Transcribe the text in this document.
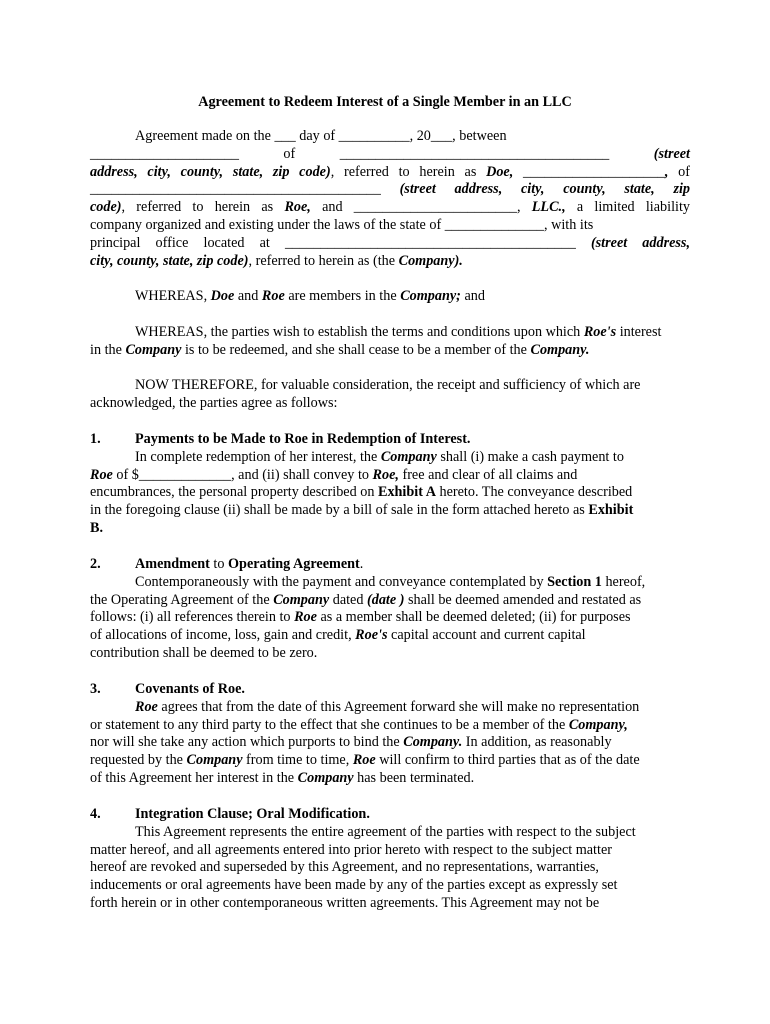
Agreement to Redeem Interest of a Single Member in an LLC
Agreement made on the ___ day of __________, 20___, between
_____________________ of ______________________________________ (street
address, city, county, state, zip code), referred to herein as Doe, ____________________, of
_________________________________________ (street address, city, county, state, zip
code), referred to herein as Roe, and _______________________, LLC., a limited liability
company organized and existing under the laws of the state of ______________, with its
principal office located at _________________________________________ (street address,
city, county, state, zip code), referred to herein as (the Company).
WHEREAS, Doe and Roe are members in the Company; and
WHEREAS, the parties wish to establish the terms and conditions upon which Roe's interest
in the Company is to be redeemed, and she shall cease to be a member of the Company.
NOW THEREFORE, for valuable consideration, the receipt and sufficiency of which are
acknowledged, the parties agree as follows:
1. Payments to be Made to Roe in Redemption of Interest.
In complete redemption of her interest, the Company shall (i) make a cash payment to
Roe of $_____________, and (ii) shall convey to Roe, free and clear of all claims and
encumbrances, the personal property described on Exhibit A hereto. The conveyance described
in the foregoing clause (ii) shall be made by a bill of sale in the form attached hereto as Exhibit
B.
2. Amendment to Operating Agreement.
Contemporaneously with the payment and conveyance contemplated by Section 1 hereof,
the Operating Agreement of the Company dated (date ) shall be deemed amended and restated as
follows: (i) all references therein to Roe as a member shall be deemed deleted; (ii) for purposes
of allocations of income, loss, gain and credit, Roe's capital account and current capital
contribution shall be deemed to be zero.
3. Covenants of Roe.
Roe agrees that from the date of this Agreement forward she will make no representation
or statement to any third party to the effect that she continues to be a member of the Company,
nor will she take any action which purports to bind the Company. In addition, as reasonably
requested by the Company from time to time, Roe will confirm to third parties that as of the date
of this Agreement her interest in the Company has been terminated.
4. Integration Clause; Oral Modification.
This Agreement represents the entire agreement of the parties with respect to the subject
matter hereof, and all agreements entered into prior hereto with respect to the subject matter
hereof are revoked and superseded by this Agreement, and no representations, warranties,
inducements or oral agreements have been made by any of the parties except as expressly set
forth herein or in other contemporaneous written agreements. This Agreement may not be
